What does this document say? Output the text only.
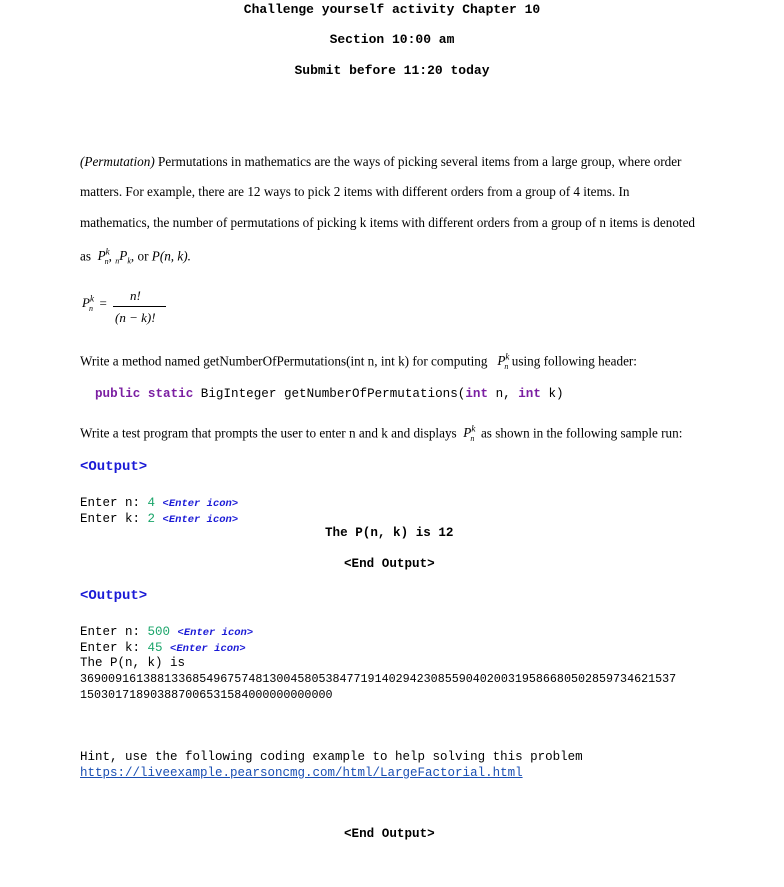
Challenge yourself activity Chapter 10
Section 10:00 am
Submit before 11:20 today
(Permutation) Permutations in mathematics are the ways of picking several items from a large group, where order
matters. For example, there are 12 ways to pick 2 items with different orders from a group of 4 items. In
mathematics, the number of permutations of picking k items with different orders from a group of n items is denoted
as  $P^k_n$, $_nP_k$, or P(n, k).
$P^k_n = n$!
(n − k)!
Write a method named getNumberOfPermutations(int n, int k) for computing   $P^k_n$ using following header:
public static BigInteger getNumberOfPermutations(int n, int k)
Write a test program that prompts the user to enter n and k and displays  $P^k_n$ as shown in the following sample run:
<Output>
Enter n: 4 <Enter icon>
Enter k: 2 <Enter icon>
The P(n, k) is 12
<End Output>
<Output>
Enter n: 500 <Enter icon>
Enter k: 45 <Enter icon>
The P(n, k) is
369009161388133685496757481300458053847719140294230855904020031958668050285973462153​7
150301718903887006531584000000000000
Hint, use the following coding example to help solving this problem
https://liveexample.pearsoncmg.com/html/LargeFactorial.html
<End Output>
